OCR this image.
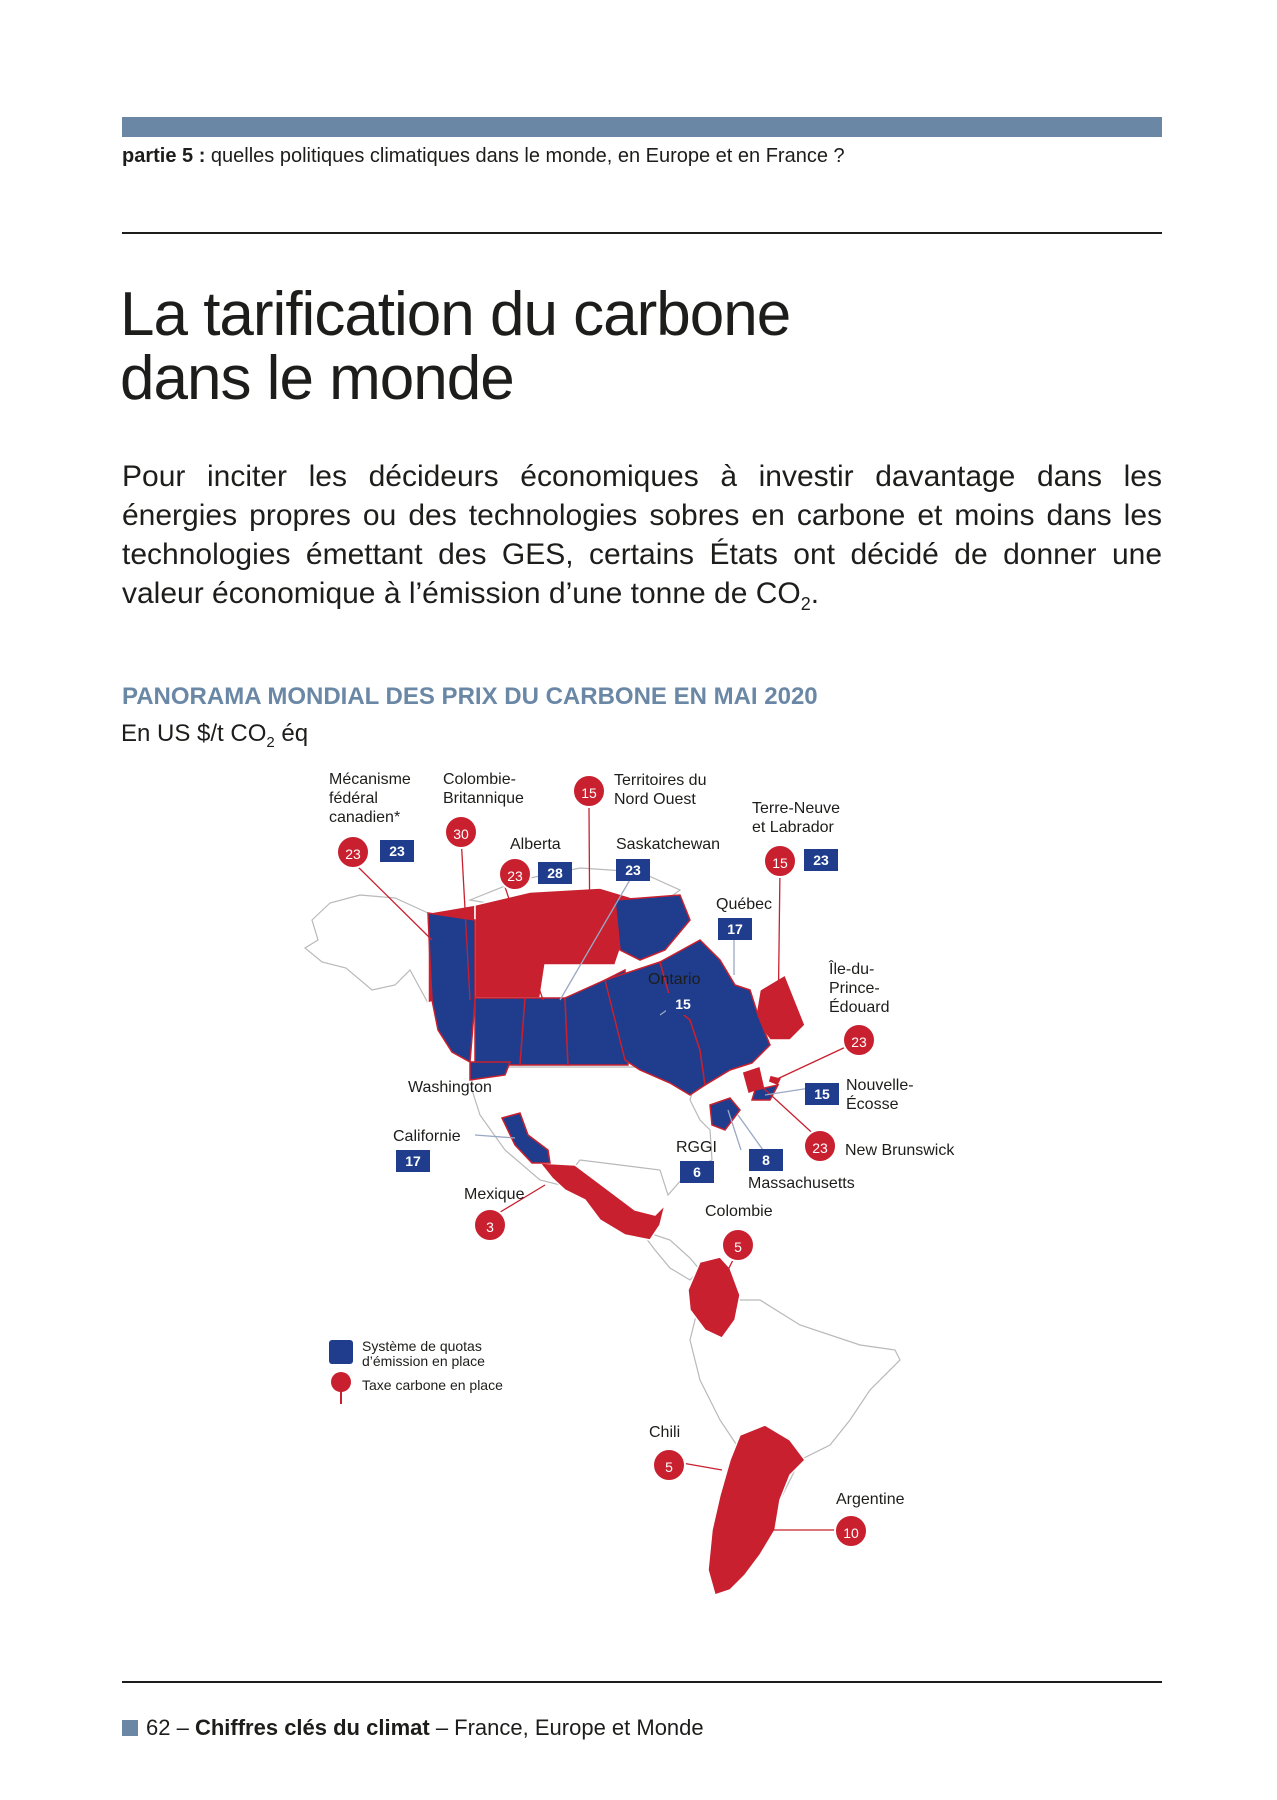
partie 5 : quelles politiques climatiques dans le monde, en Europe et en France ?
La tarification du carbone
dans le monde

Pour inciter les décideurs économiques à investir davantage dans les énergies propres ou des technologies sobres en carbone et moins dans les technologies émettant des GES, certains États ont décidé de donner une valeur économique à l’émission d’une tonne de $CO_2$.

PANORAMA MONDIAL DES PRIX DU CARBONE EN MAI 2020
En US $/t $CO_2$ éq
Mécanisme
fédéral
canadien*
23	23
Colombie-
Britannique
30
15
Territoires du
Nord Ouest
Alberta
23	28
Saskatchewan
23
Terre-Neuve
et Labrador
15	23
Québec
17
Ontario
15
Île-du-
Prince-
Édouard
23
Washington	15	Nouvelle-
Écosse
Californie
17
RGGI
6
23	New Brunswick
8
Massachusetts
Mexique
3
Colombie
5
Chili
5
Argentine
10
Système de quotas
d’émission en place
Taxe carbone en place
62 – Chiffres clés du climat – France, Europe et Monde
